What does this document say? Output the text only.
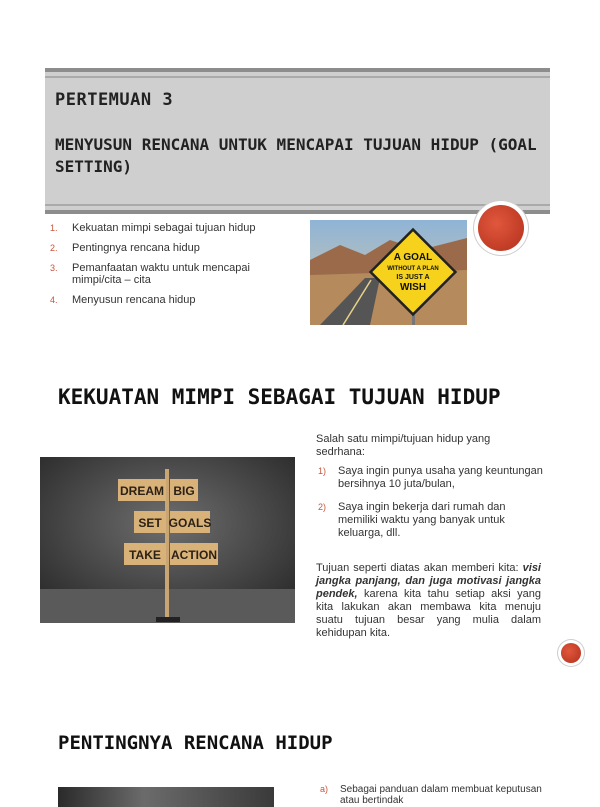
PERTEMUAN 3
MENYUSUN RENCANA UNTUK MENCAPAI TUJUAN HIDUP (GOAL SETTING)
1. Kekuatan mimpi sebagai tujuan hidup
2. Pentingnya rencana hidup
3. Pemanfaatan waktu untuk mencapai mimpi/cita – cita
4. Menyusun rencana hidup
A GOAL
WITHOUT A PLAN
IS JUST A
WISH
KEKUATAN MIMPI SEBAGAI TUJUAN HIDUP
DREAM BIG
SET GOALS
TAKE ACTION
Salah satu mimpi/tujuan hidup yang sedrhana:
1) Saya ingin punya usaha yang keuntungan bersihnya 10 juta/bulan,
2) Saya ingin bekerja dari rumah dan memiliki waktu yang banyak untuk keluarga, dll.
Tujuan seperti diatas akan memberi kita: visi jangka panjang, dan juga motivasi jangka pendek, karena kita tahu setiap aksi yang kita lakukan akan membawa kita menuju suatu tujuan besar yang mulia dalam kehidupan kita.
PENTINGNYA RENCANA HIDUP
a) Sebagai panduan dalam membuat keputusan atau bertindak
